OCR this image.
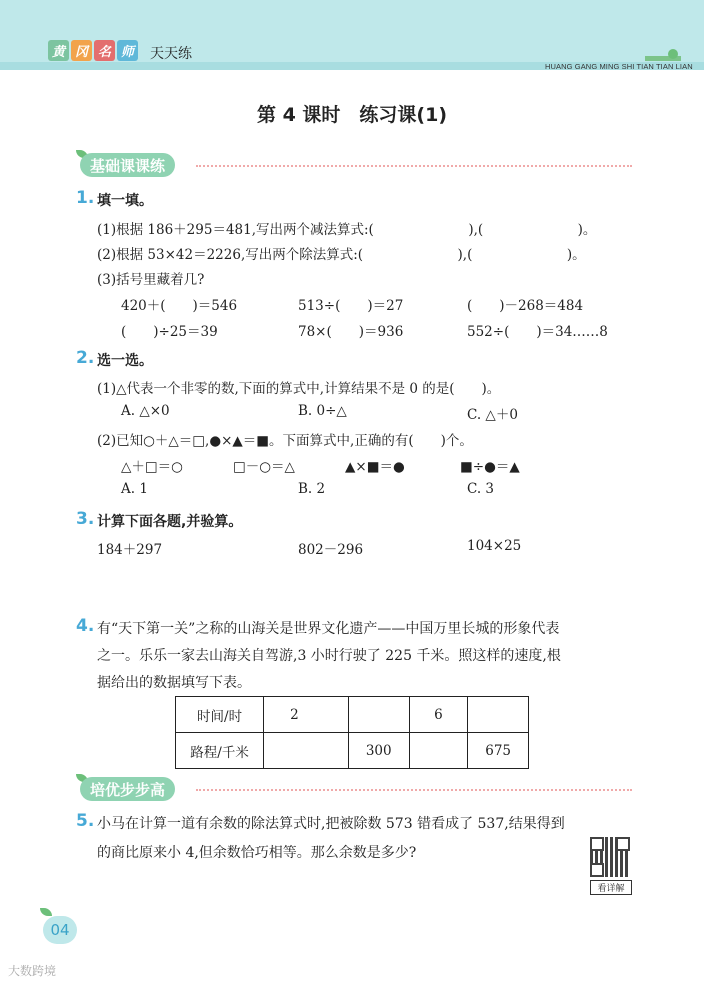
黄 冈 名 师 天天练
HUANG GANG MING SHI TIAN TIAN LIAN
第 4 课时　练习课(1)
基础课课练
1. 填一填。
(1)根据 186＋295＝481,写出两个减法算式:(　　　　　　　),(　　　　　　　)。
(2)根据 53×42＝2226,写出两个除法算式:(　　　　　　　),(　　　　　　　)。
(3)括号里藏着几?
420＋(　　)＝546	513÷(　　)＝27	(　　)－268＝484
(　　)÷25＝39	78×(　　)＝936	552÷(　　)＝34……8
2. 选一选。
(1)△代表一个非零的数,下面的算式中,计算结果不是 0 的是(　　)。
A. △×0	B. 0÷△	C. △＋0
(2)已知○＋△＝□,●×▲＝■。下面算式中,正确的有(　　)个。
△＋□＝○	□－○＝△	▲×■＝●	■÷●＝▲
A. 1	B. 2	C. 3
3. 计算下面各题,并验算。
184＋297	802－296	104×25
4. 有“天下第一关”之称的山海关是世界文化遗产——中国万里长城的形象代表
之一。乐乐一家去山海关自驾游,3 小时行驶了 225 千米。照这样的速度,根
据给出的数据填写下表。
时间/时	2		6	
路程/千米		300		675
培优步步高
5. 小马在计算一道有余数的除法算式时,把被除数 573 错看成了 537,结果得到
的商比原来小 4,但余数恰巧相等。那么余数是多少?
看详解
04
大数跨境
